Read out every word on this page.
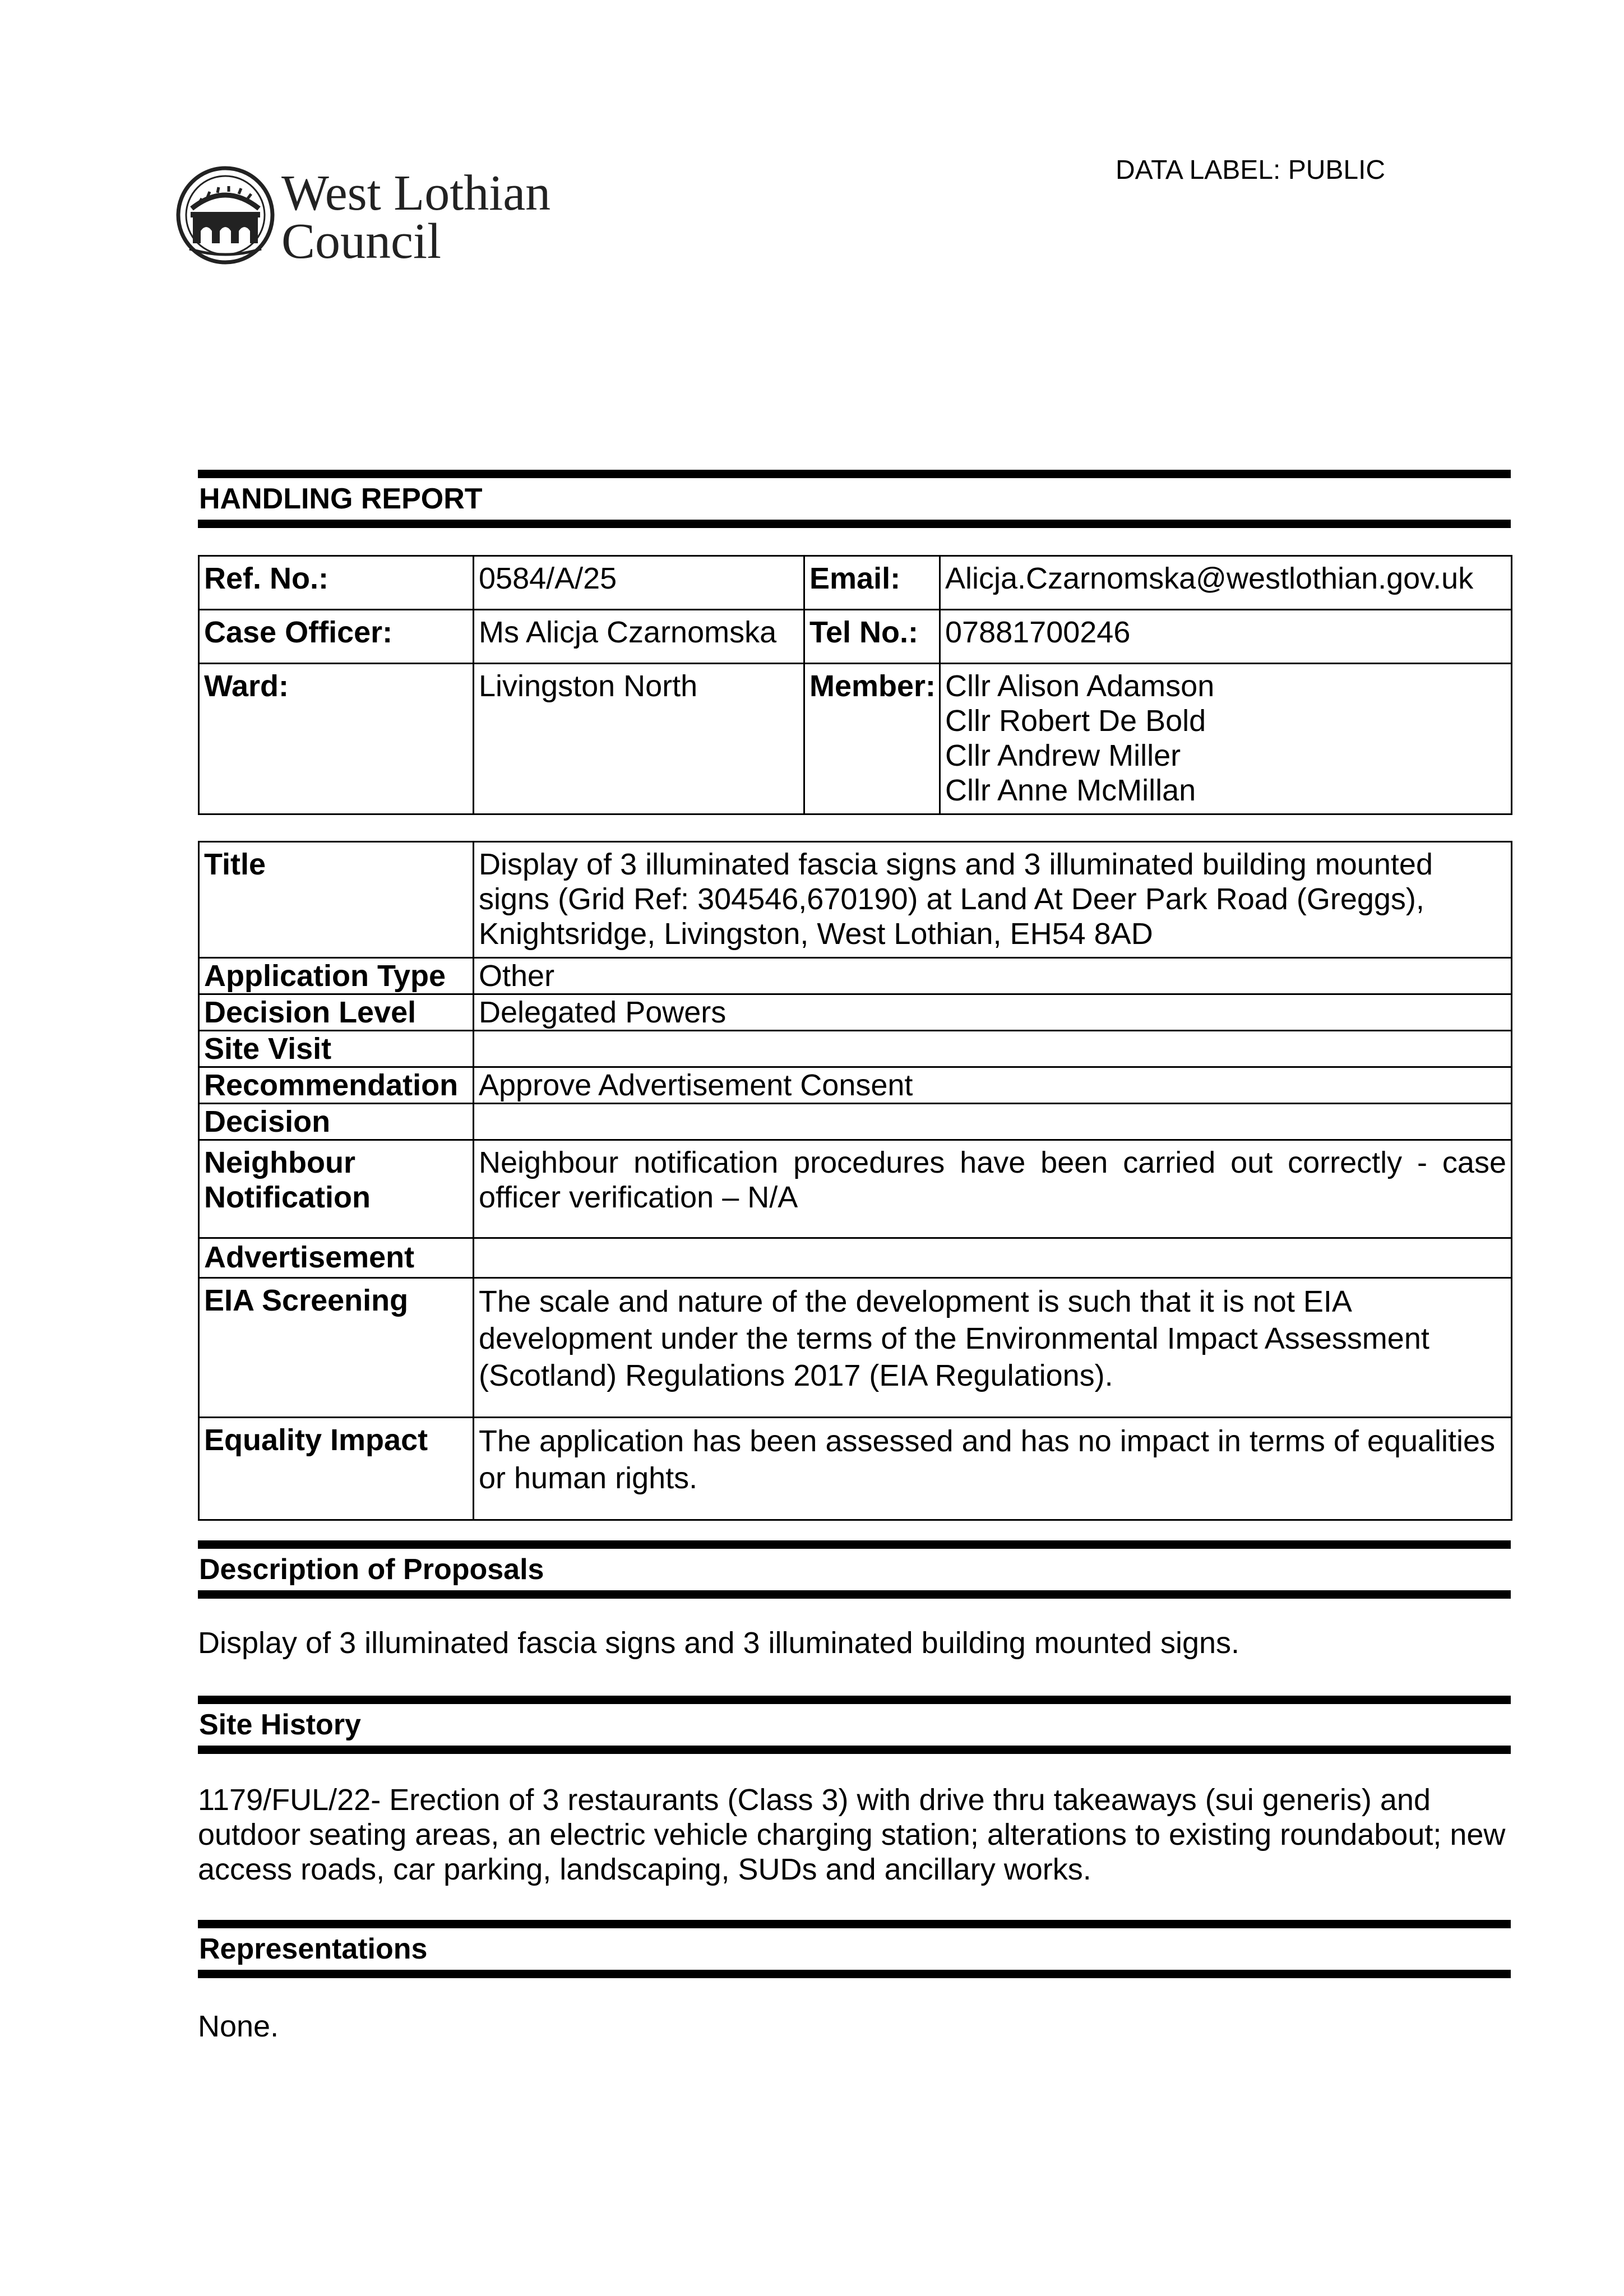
West Lothian
Council
DATA LABEL: PUBLIC
HANDLING REPORT
Ref. No.:	0584/A/25	Email:	Alicja.Czarnomska@westlothian.gov.uk
Case Officer:	Ms Alicja Czarnomska	Tel No.:	07881700246
Ward:	Livingston North	Member:	Cllr Alison Adamson
Cllr Robert De Bold
Cllr Andrew Miller
Cllr Anne McMillan
Title	Display of 3 illuminated fascia signs and 3 illuminated building mounted signs (Grid Ref: 304546,670190) at Land At Deer Park Road (Greggs), Knightsridge, Livingston, West Lothian, EH54 8AD
Application Type	Other
Decision Level	Delegated Powers
Site Visit	
Recommendation	Approve Advertisement Consent
Decision	

Neighbour
Notification	Neighbour notification procedures have been carried out correctly - case officer verification – N/A
Advertisement	
EIA Screening	The scale and nature of the development is such that it is not EIA development under the terms of the Environmental Impact Assessment (Scotland) Regulations 2017 (EIA Regulations).
Equality Impact	The application has been assessed and has no impact in terms of equalities or human rights.
Description of Proposals
Display of 3 illuminated fascia signs and 3 illuminated building mounted signs.
Site History
1179/FUL/22- Erection of 3 restaurants (Class 3) with drive thru takeaways (sui generis) and outdoor seating areas, an electric vehicle charging station; alterations to existing roundabout; new access roads, car parking, landscaping, SUDs and ancillary works.
Representations
None.
